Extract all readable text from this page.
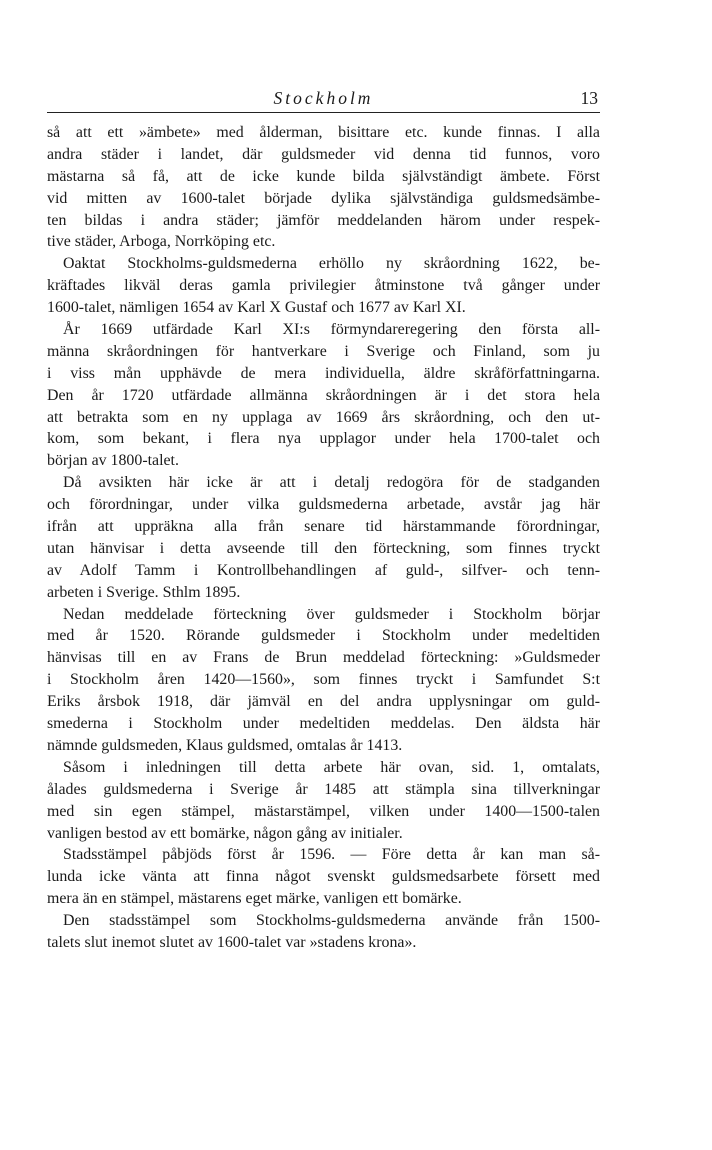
Stockholm	13
så att ett »ämbete» med ålderman, bisittare etc. kunde finnas. I alla
andra städer i landet, där guldsmeder vid denna tid funnos, voro
mästarna så få, att de icke kunde bilda självständigt ämbete. Först
vid mitten av 1600-talet började dylika självständiga guldsmedsämbe-
ten bildas i andra städer; jämför meddelanden härom under respek-
tive städer, Arboga, Norrköping etc.
Oaktat Stockholms-guldsmederna erhöllo ny skråordning 1622, be-
kräftades likväl deras gamla privilegier åtminstone två gånger under
1600-talet, nämligen 1654 av Karl X Gustaf och 1677 av Karl XI.
År 1669 utfärdade Karl XI:s förmyndareregering den första all-
männa skråordningen för hantverkare i Sverige och Finland, som ju
i viss mån upphävde de mera individuella, äldre skråförfattningarna.
Den år 1720 utfärdade allmänna skråordningen är i det stora hela
att betrakta som en ny upplaga av 1669 års skråordning, och den ut-
kom, som bekant, i flera nya upplagor under hela 1700-talet och
början av 1800-talet.
Då avsikten här icke är att i detalj redogöra för de stadganden
och förordningar, under vilka guldsmederna arbetade, avstår jag här
ifrån att uppräkna alla från senare tid härstammande förordningar,
utan hänvisar i detta avseende till den förteckning, som finnes tryckt
av Adolf Tamm i Kontrollbehandlingen af guld-, silfver- och tenn-
arbeten i Sverige. Sthlm 1895.
Nedan meddelade förteckning över guldsmeder i Stockholm börjar
med år 1520. Rörande guldsmeder i Stockholm under medeltiden
hänvisas till en av Frans de Brun meddelad förteckning: »Guldsmeder
i Stockholm åren 1420—1560», som finnes tryckt i Samfundet S:t
Eriks årsbok 1918, där jämväl en del andra upplysningar om guld-
smederna i Stockholm under medeltiden meddelas. Den äldsta här
nämnde guldsmeden, Klaus guldsmed, omtalas år 1413.
Såsom i inledningen till detta arbete här ovan, sid. 1, omtalats,
ålades guldsmederna i Sverige år 1485 att stämpla sina tillverkningar
med sin egen stämpel, mästarstämpel, vilken under 1400—1500-talen
vanligen bestod av ett bomärke, någon gång av initialer.
Stadsstämpel påbjöds först år 1596. — Före detta år kan man så-
lunda icke vänta att finna något svenskt guldsmedsarbete försett med
mera än en stämpel, mästarens eget märke, vanligen ett bomärke.
Den stadsstämpel som Stockholms-guldsmederna använde från 1500-
talets slut inemot slutet av 1600-talet var »stadens krona».
